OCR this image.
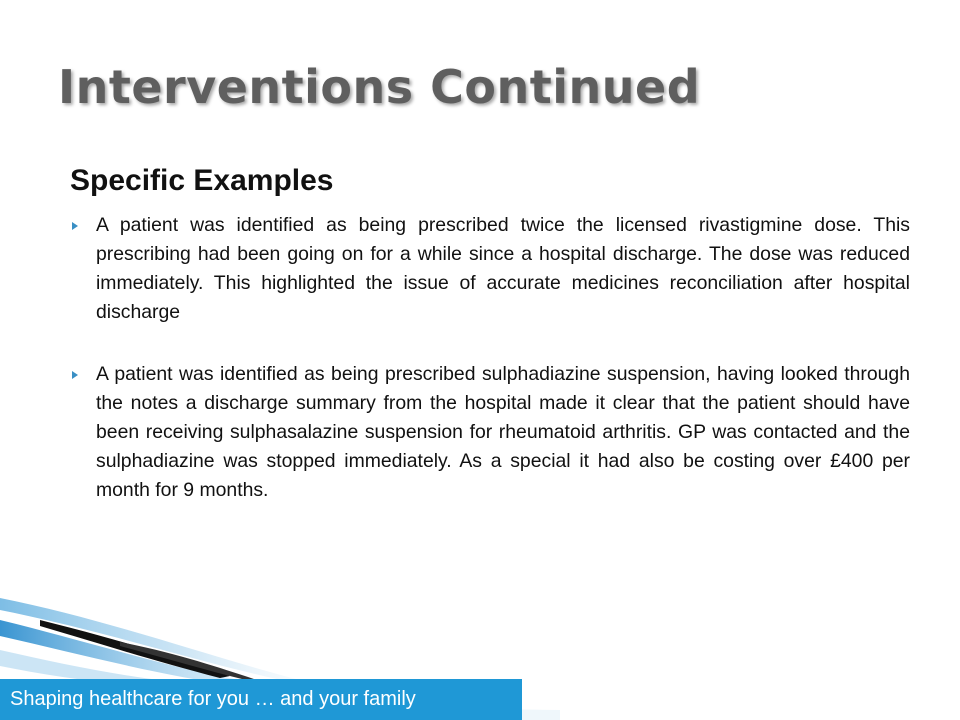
Interventions Continued
Specific Examples
A patient was identified as being prescribed twice the licensed rivastigmine dose. This prescribing had been going on for a while since a hospital discharge. The dose was reduced immediately. This highlighted the issue of accurate medicines reconciliation after hospital discharge
A patient was identified as being prescribed sulphadiazine suspension, having looked through the notes a discharge summary from the hospital made it clear that the patient should have been receiving sulphasalazine suspension for rheumatoid arthritis. GP was contacted and the sulphadiazine was stopped immediately. As a special it had also be costing over £400 per month for 9 months.
Shaping healthcare for you … and your family
